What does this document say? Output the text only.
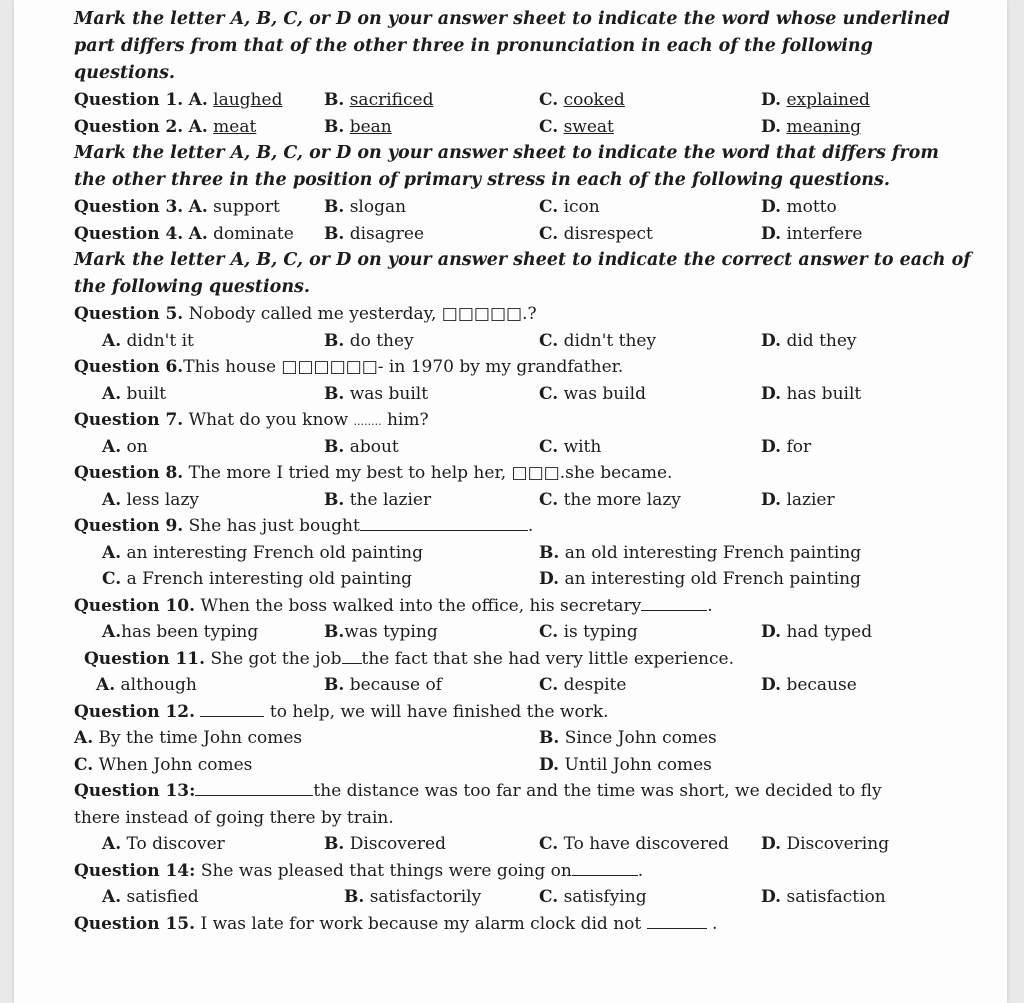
Mark the letter A, B, C, or D on your answer sheet to indicate the word whose underlined part differs from that of the other three in pronunciation in each of the following questions.

Question 1. A. laughed B. sacrificed	C. cooked	D. explained
Question 2. A. meat	B. bean	C. sweat	D. meaning

Mark the letter A, B, C, or D on your answer sheet to indicate the word that differs from the other three in the position of primary stress in each of the following questions.

Question 3. A. support	B. slogan	C. icon	D. motto
Question 4. A. dominate B. disagree	C. disrespect	D. interfere

Mark the letter A, B, C, or D on your answer sheet to indicate the correct answer to each of the following questions.

Question 5. Nobody called me yesterday, □□□□□.?
A. didn't it	B. do they	C. didn't they	D. did they
Question 6.This house □□□□□□- in 1970 by my grandfather.
A. built	B. was built	C. was build	D. has built
Question 7. What do you know ........ him?
A. on	B. about	C. with	D. for
Question 8. The more I tried my best to help her, □□□.she became.
A. less lazy	B. the lazier	C. the more lazy	D. lazier
Question 9. She has just bought	.
A. an interesting French old painting	B. an old interesting French painting
C. a French interesting old painting	D. an interesting old French painting
Question 10. When the boss walked into the office, his secretary	.
A.has been typing	B.was typing	C. is typing	D. had typed
Question 11. She got the job the fact that she had very little experience.
A. although	B. because of	C. despite	D. because
Question 12.	to help, we will have finished the work.
A. By the time John comes	B. Since John comes
C. When John comes	D. Until John comes
Question 13:	the distance was too far and the time was short, we decided to fly
there instead of going there by train.
A. To discover	B. Discovered	C. To have discovered D. Discovering
Question 14: She was pleased that things were going on	.
A. satisfied	B. satisfactorily	C. satisfying	D. satisfaction
Question 15. I was late for work because my alarm clock did not	.
